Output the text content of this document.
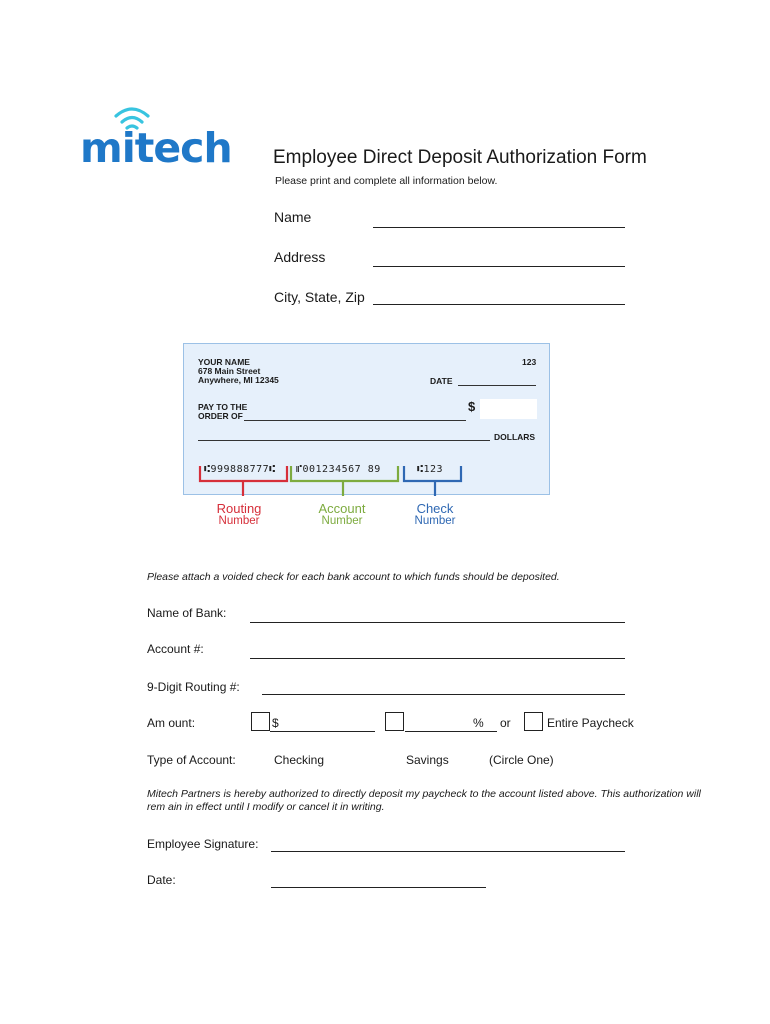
mitech Employee Direct Deposit Authorization Form
Please print and complete all information below.
Name
Address
City, State, Zip
YOUR NAME
678 Main Street
Anywhere, MI 12345
123
DATE
PAY TO THE
ORDER OF
$
DOLLARS
⑆999888777⑆ ⑈001234567 89	⑆123
Routing
Number
Account
Number
Check
Number
Please attach a voided check for each bank account to which funds should be deposited.
Name of Bank:
Account #:
9-Digit Routing #:
Am ount:	$	% or	Entire Paycheck
Type of Account:	Checking	Savings	(Circle One)
Mitech Partners is hereby authorized to directly deposit my paycheck to the account listed above. This authorization will
rem ain in effect until I modify or cancel it in writing.
Employee Signature:
Date:
